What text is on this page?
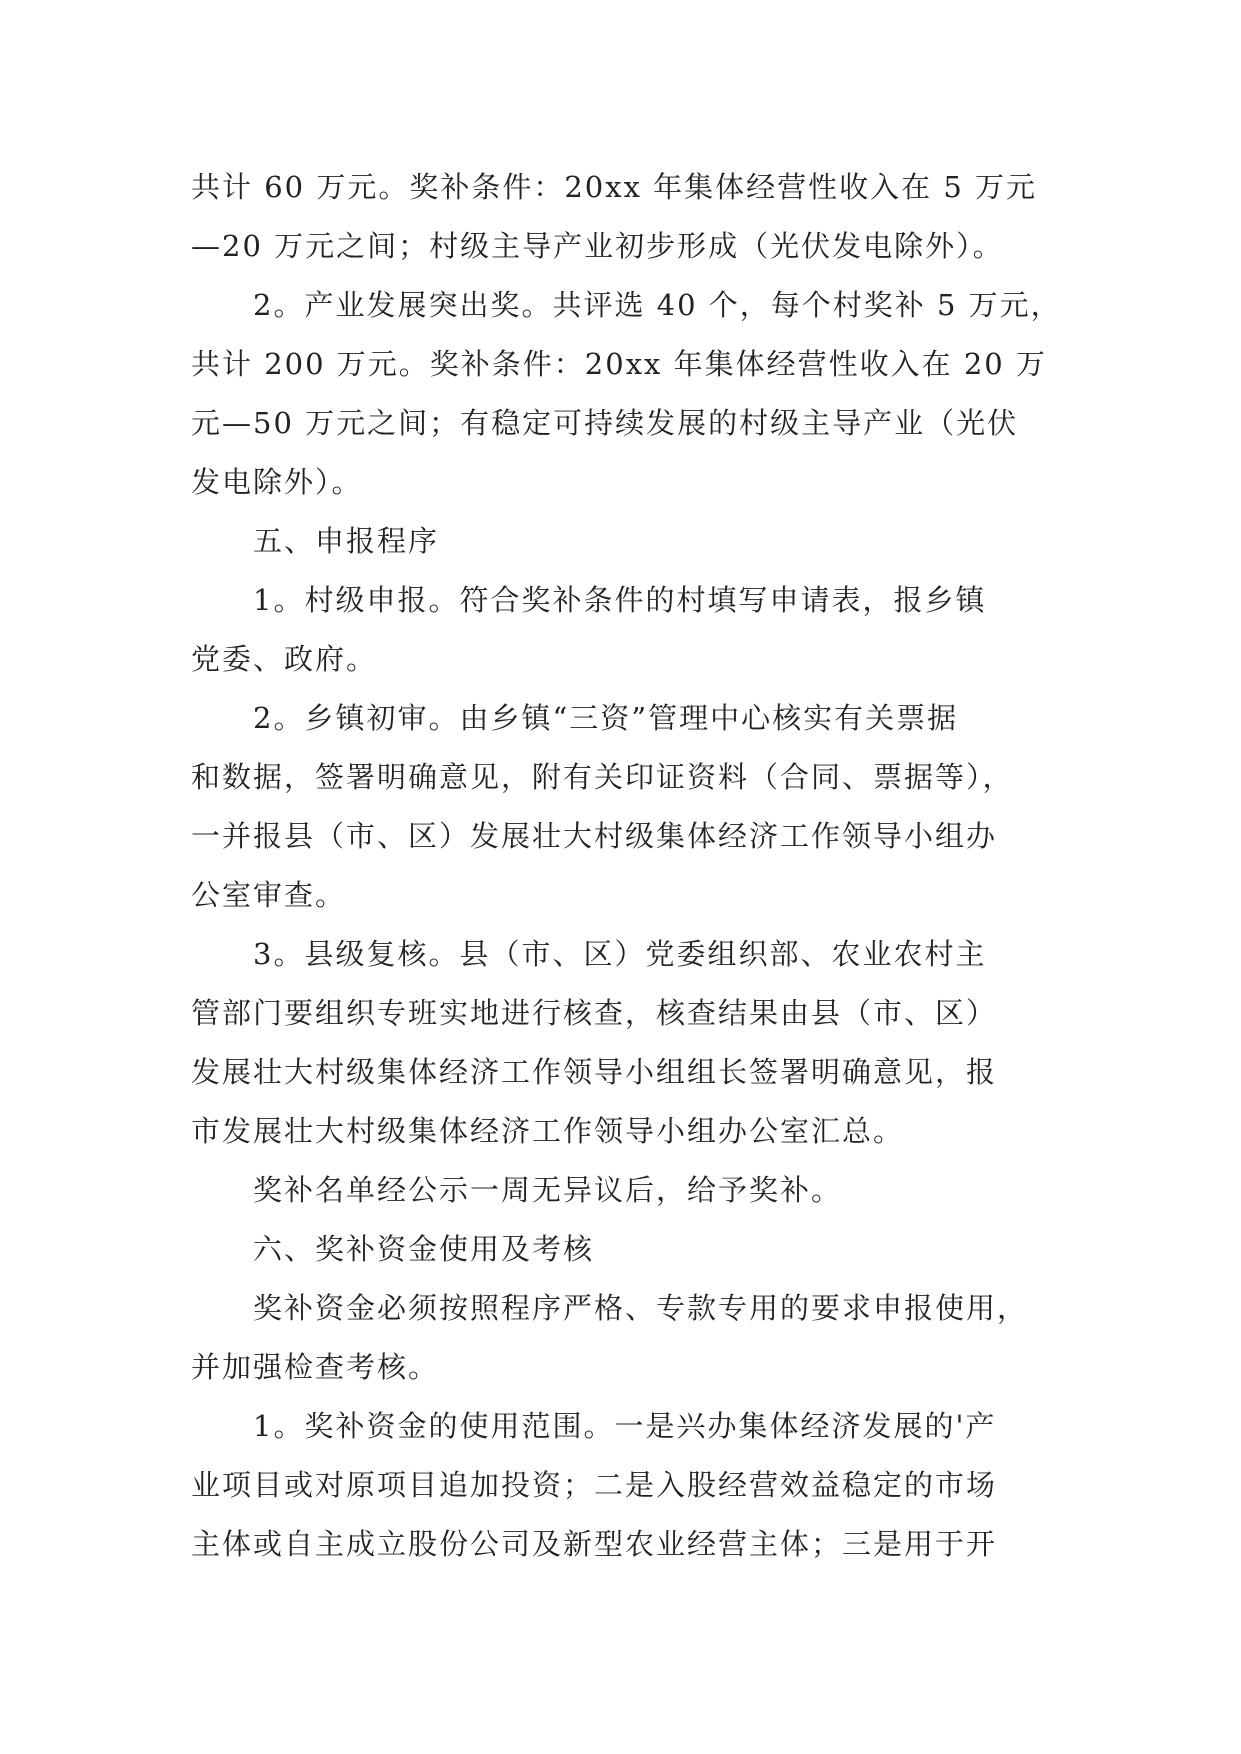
共计 60 万元。奖补条件：20xx 年集体经营性收入在 5 万元
—20 万元之间；村级主导产业初步形成（光伏发电除外）。
2。产业发展突出奖。共评选 40 个，每个村奖补 5 万元，
共计 200 万元。奖补条件：20xx 年集体经营性收入在 20 万
元—50 万元之间；有稳定可持续发展的村级主导产业（光伏
发电除外）。
五、申报程序
1。村级申报。符合奖补条件的村填写申请表，报乡镇
党委、政府。
2。乡镇初审。由乡镇“三资”管理中心核实有关票据
和数据，签署明确意见，附有关印证资料（合同、票据等），
一并报县（市、区）发展壮大村级集体经济工作领导小组办
公室审查。
3。县级复核。县（市、区）党委组织部、农业农村主
管部门要组织专班实地进行核查，核查结果由县（市、区）
发展壮大村级集体经济工作领导小组组长签署明确意见，报
市发展壮大村级集体经济工作领导小组办公室汇总。
奖补名单经公示一周无异议后，给予奖补。
六、奖补资金使用及考核
奖补资金必须按照程序严格、专款专用的要求申报使用，
并加强检查考核。
1。奖补资金的使用范围。一是兴办集体经济发展的'产
业项目或对原项目追加投资；二是入股经营效益稳定的市场
主体或自主成立股份公司及新型农业经营主体；三是用于开
